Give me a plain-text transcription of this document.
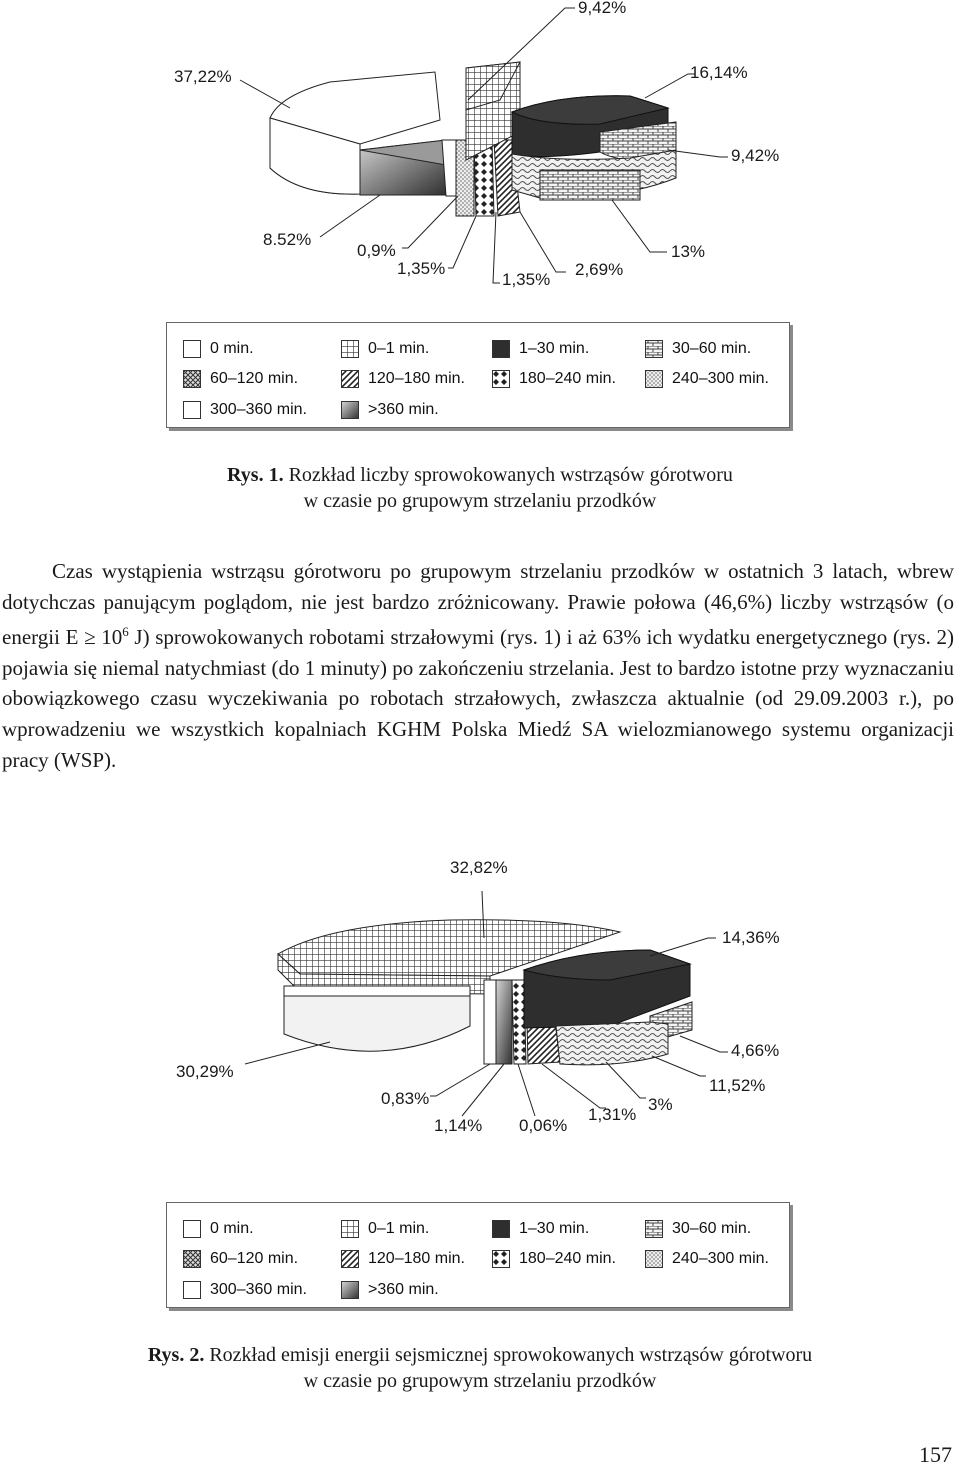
9,42%
37,22%	16,14%
9,42%
8.52%
0,9%
1,35%
1,35%
2,69%
13%
0 min.	0–1 min.	1–30 min.	30–60 min.
60–120 min.	120–180 min.	180–240 min.	240–300 min.
300–360 min.	>360 min.
Rys. 1. Rozkład liczby sprowokowanych wstrząsów górotworu
w czasie po grupowym strzelaniu przodków

Czas wystąpienia wstrząsu górotworu po grupowym strzelaniu przodków w ostatnich 3 latach, wbrew dotychczas panującym poglądom, nie jest bardzo zróżnicowany. Prawie połowa (46,6%) liczby wstrząsów (o energii $E \ge 10^6$ J) sprowokowanych robotami strzałowymi (rys. 1) i aż 63% ich wydatku energetycznego (rys. 2) pojawia się niemal natychmiast (do 1 minuty) po zakończeniu strzelania. Jest to bardzo istotne przy wyznaczaniu obowiązkowego czasu wyczekiwania po robotach strzałowych, zwłaszcza aktualnie (od 29.09.2003 r.), po wprowadzeniu we wszystkich kopalniach KGHM Polska Miedź SA wielozmianowego systemu organizacji pracy (WSP).

32,82%
14,36%
4,66%
11,52%
3%
1,31%
0,06%
1,14%
0,83%
30,29%
0 min.	0–1 min.	1–30 min.	30–60 min.
60–120 min.	120–180 min.	180–240 min.	240–300 min.
300–360 min.	>360 min.
Rys. 2. Rozkład emisji energii sejsmicznej sprowokowanych wstrząsów górotworu
w czasie po grupowym strzelaniu przodków
157
